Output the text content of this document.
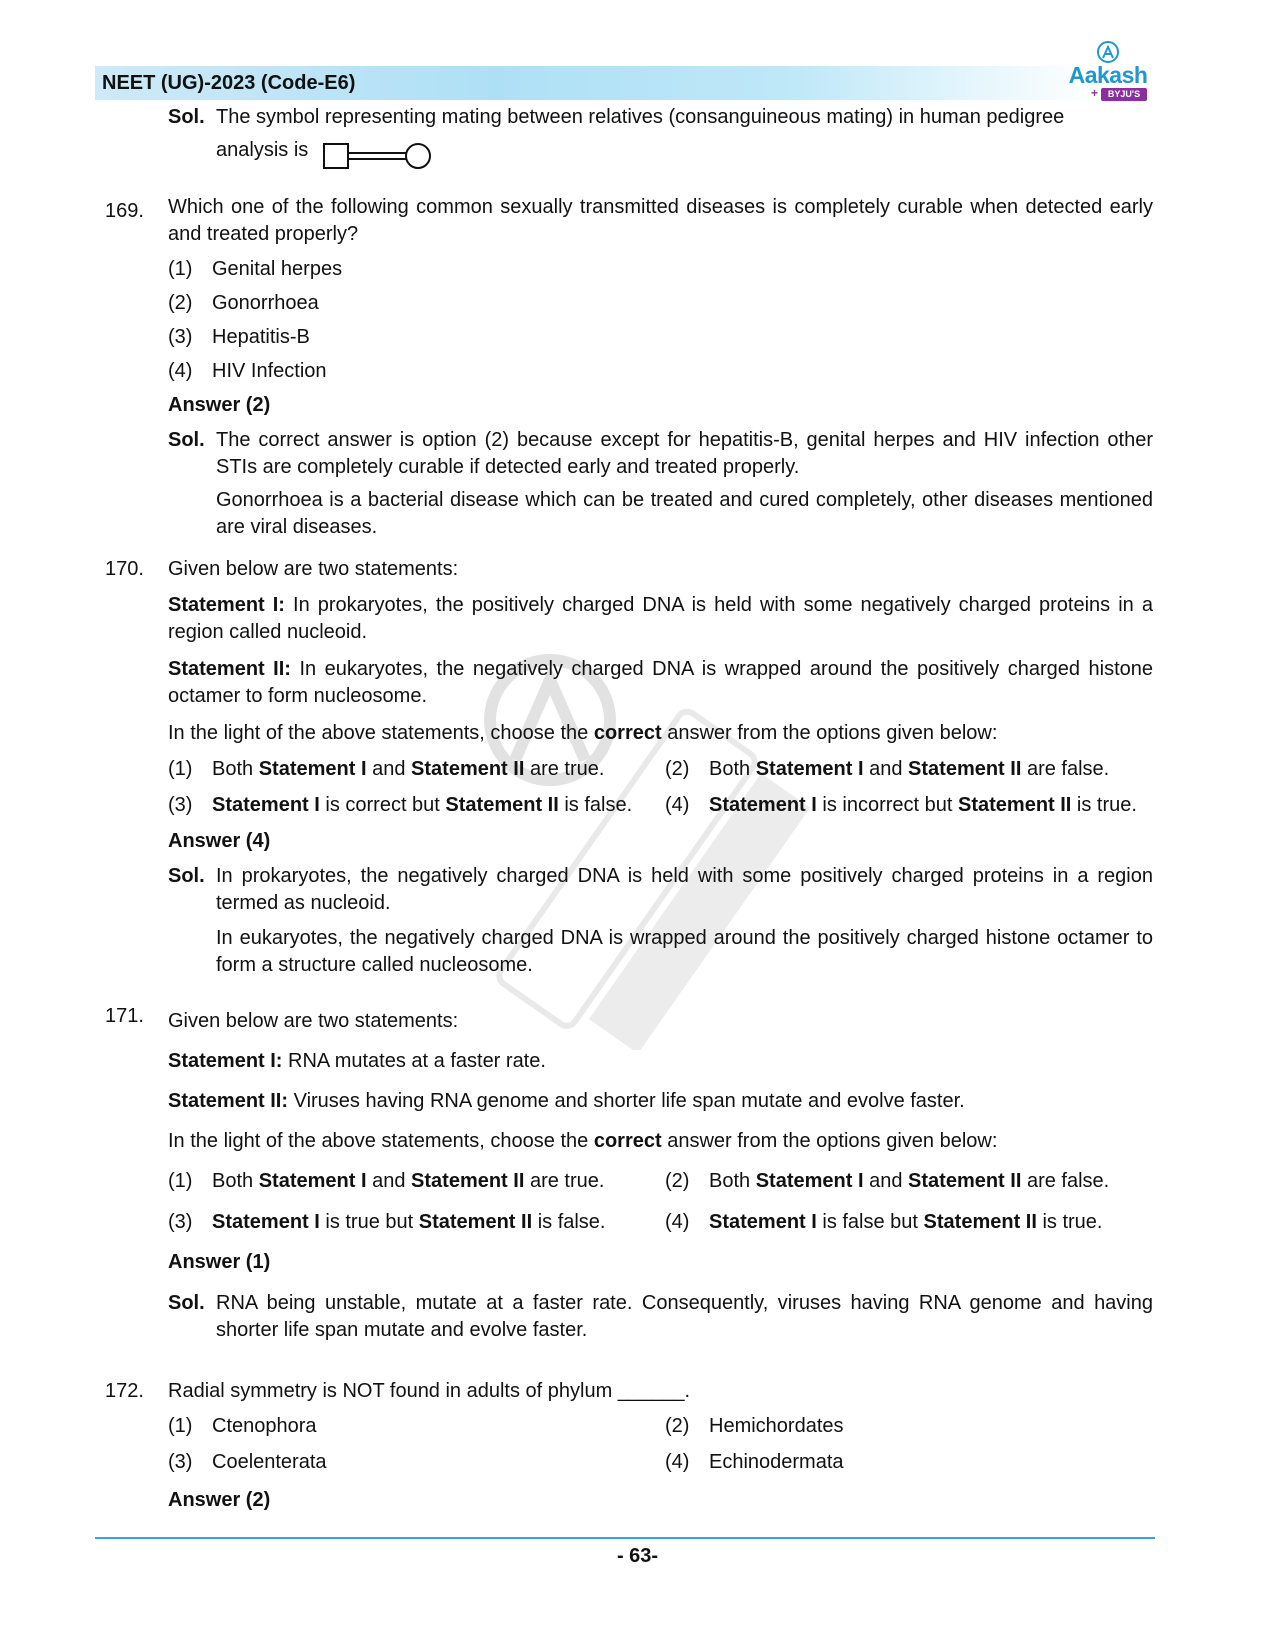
NEET (UG)-2023 (Code-E6)	Aakash
+	BYJU'S
Sol. The symbol representing mating between relatives (consanguineous mating) in human pedigree
analysis is
169. Which one of the following common sexually transmitted diseases is completely curable when detected early and treated properly?
(1) Genital herpes
(2) Gonorrhoea
(3) Hepatitis-B
(4) HIV Infection
Answer (2)
Sol. The correct answer is option (2) because except for hepatitis-B, genital herpes and HIV infection other STIs are completely curable if detected early and treated properly.
Gonorrhoea is a bacterial disease which can be treated and cured completely, other diseases mentioned are viral diseases.
170. Given below are two statements:
Statement I: In prokaryotes, the positively charged DNA is held with some negatively charged proteins in a region called nucleoid.
Statement II: In eukaryotes, the negatively charged DNA is wrapped around the positively charged histone octamer to form nucleosome.
In the light of the above statements, choose the correct answer from the options given below:
(1) Both Statement I and Statement II are true.	(2) Both Statement I and Statement II are false.
(3) Statement I is correct but Statement II is false. (4) Statement I is incorrect but Statement II is true.
Answer (4)
Sol. In prokaryotes, the negatively charged DNA is held with some positively charged proteins in a region termed as nucleoid.
In eukaryotes, the negatively charged DNA is wrapped around the positively charged histone octamer to form a structure called nucleosome.
171. Given below are two statements:
Statement I: RNA mutates at a faster rate.
Statement II: Viruses having RNA genome and shorter life span mutate and evolve faster.
In the light of the above statements, choose the correct answer from the options given below:
(1) Both Statement I and Statement II are true.	(2) Both Statement I and Statement II are false.
(3) Statement I is true but Statement II is false.	(4) Statement I is false but Statement II is true.
Answer (1)
Sol. RNA being unstable, mutate at a faster rate. Consequently, viruses having RNA genome and having shorter life span mutate and evolve faster.
172. Radial symmetry is NOT found in adults of phylum ______.
(1) Ctenophora	(2) Hemichordates
(3) Coelenterata	(4) Echinodermata
Answer (2)
- 63-
